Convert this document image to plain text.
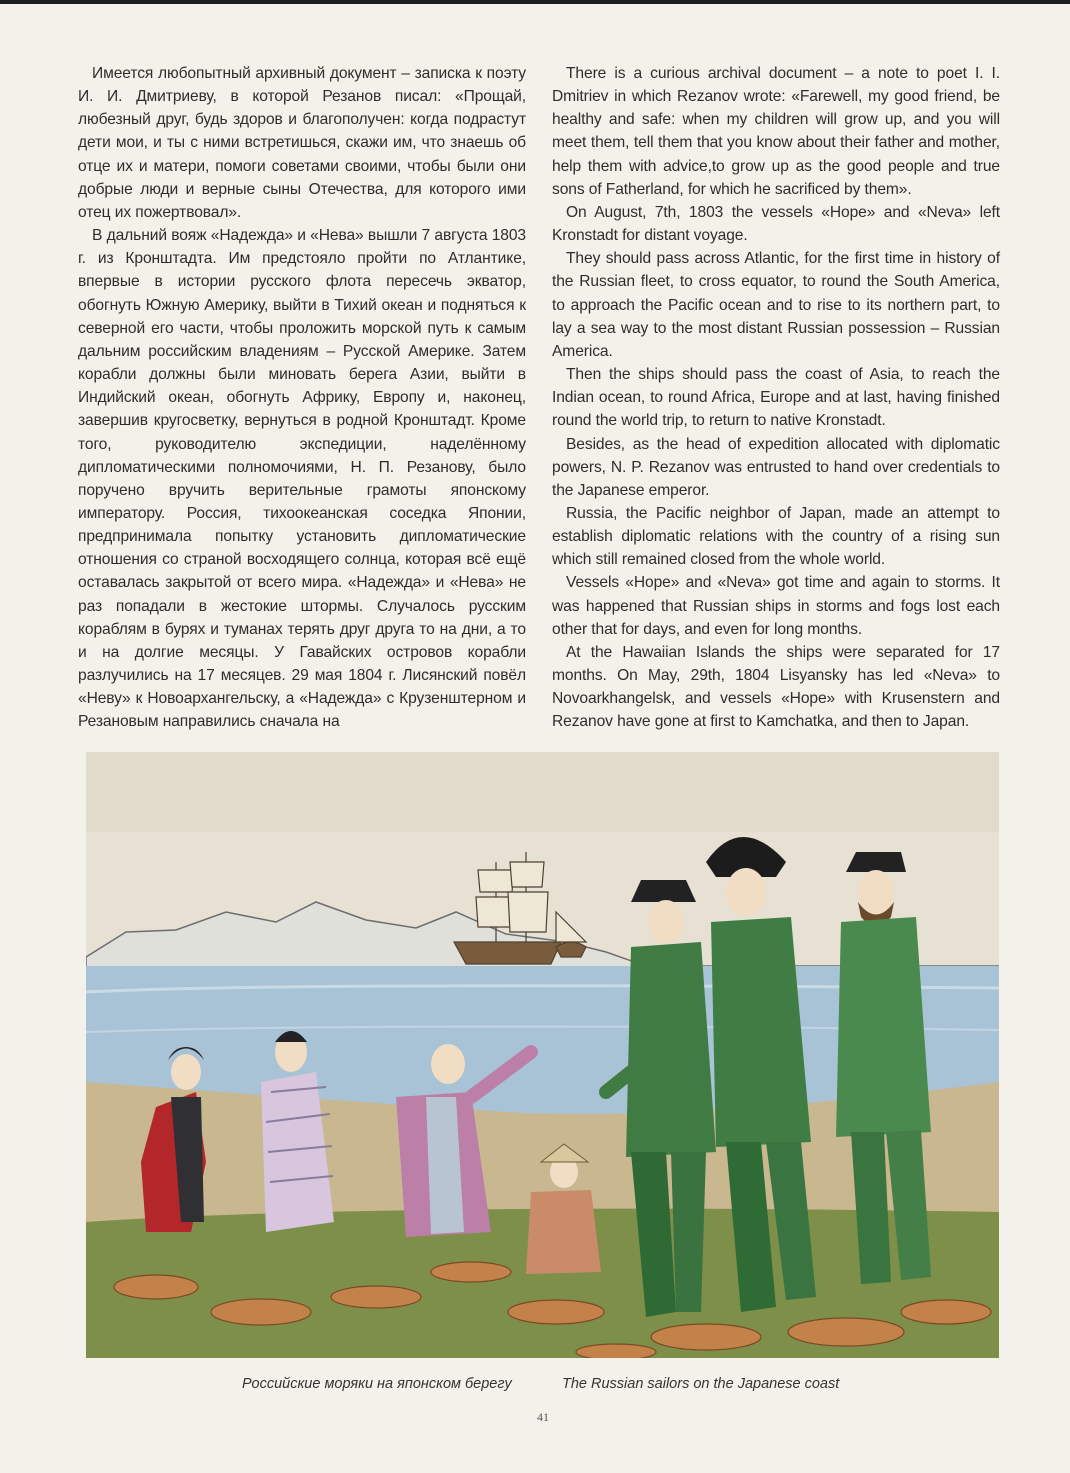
Имеется любопытный архивный документ – записка к поэту И. И. Дмитриеву, в которой Резанов писал: «Прощай, любезный друг, будь здоров и благополучен: когда подрастут дети мои, и ты с ними встретишься, скажи им, что знаешь об отце их и матери, помоги советами своими, чтобы были они добрые люди и верные сыны Отечества, для которого ими отец их пожертвовал».

В дальний вояж «Надежда» и «Нева» вышли 7 августа 1803 г. из Кронштадта. Им предстояло пройти по Атлантике, впервые в истории русского флота пересечь экватор, обогнуть Южную Америку, выйти в Тихий океан и подняться к северной его части, чтобы проложить морской путь к самым дальним российским владениям – Русской Америке. Затем корабли должны были миновать берега Азии, выйти в Индийский океан, обогнуть Африку, Европу и, наконец, завершив кругосветку, вернуться в родной Кронштадт. Кроме того, руководителю экспедиции, наделённому дипломатическими полномочиями, Н. П. Резанову, было поручено вручить верительные грамоты японскому императору. Россия, тихоокеанская соседка Японии, предпринимала попытку установить дипломатические отношения со страной восходящего солнца, которая всё ещё оставалась закрытой от всего мира. «Надежда» и «Нева» не раз попадали в жестокие штормы. Случалось русским кораблям в бурях и туманах терять друг друга то на дни, а то и на долгие месяцы. У Гавайских островов корабли разлучились на 17 месяцев. 29 мая 1804 г. Лисянский повёл «Неву» к Новоархангельску, а «Надежда» с Крузенштерном и Резановым направились сначала на

There is a curious archival document – a note to poet I. I. Dmitriev in which Rezanov wrote: «Farewell, my good friend, be healthy and safe: when my children will grow up, and you will meet them, tell them that you know about their father and mother, help them with advice,to grow up as the good people and true sons of Fatherland, for which he sacrificed by them».

On August, 7th, 1803 the vessels «Hope» and «Neva» left Kronstadt for distant voyage.

They should pass across Atlantic, for the first time in history of the Russian fleet, to cross equator, to round the South America, to approach the Pacific ocean and to rise to its northern part, to lay a sea way to the most distant Russian possession – Russian America.

Then the ships should pass the coast of Asia, to reach the Indian ocean, to round Africa, Europe and at last, having finished round the world trip, to return to native Kronstadt.

Besides, as the head of expedition allocated with diplomatic powers, N. P. Rezanov was entrusted to hand over credentials to the Japanese emperor.

Russia, the Pacific neighbor of Japan, made an attempt to establish diplomatic relations with the country of a rising sun which still remained closed from the whole world.

Vessels «Hope» and «Neva» got time and again to storms. It was happened that Russian ships in storms and fogs lost each other that for days, and even for long months.

At the Hawaiian Islands the ships were separated for 17 months. On May, 29th, 1804 Lisyansky has led «Neva» to Novoarkhangelsk, and vessels «Hope» with Krusenstern and Rezanov have gone at first to Kamchatka, and then to Japan.

Российские моряки на японском берегу	The Russian sailors on the Japanese coast
41
